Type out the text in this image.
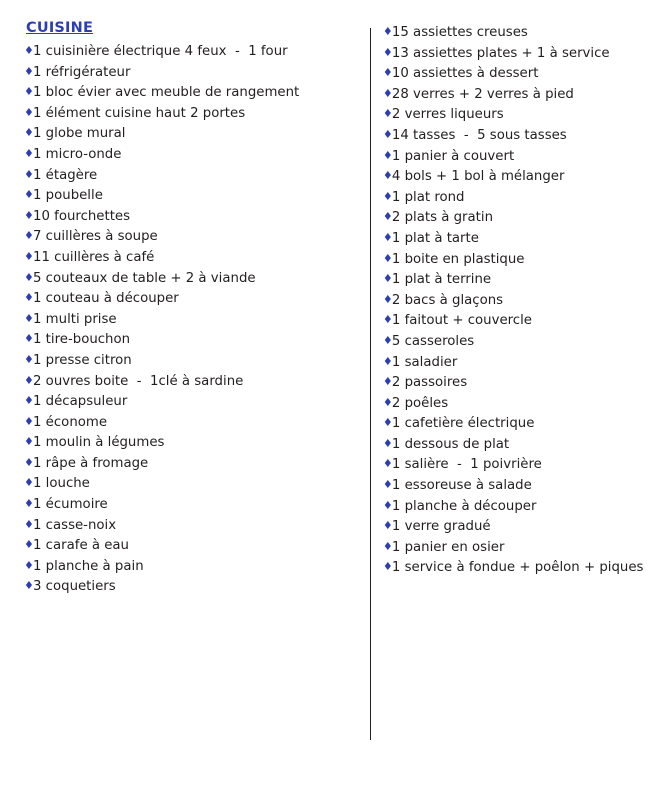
CUISINE
♦ 1 cuisinière électrique 4 feux  -  1 four
♦ 1 réfrigérateur
♦ 1 bloc évier avec meuble de rangement
♦ 1 élément cuisine haut 2 portes
♦ 1 globe mural
♦ 1 micro-onde
♦ 1 étagère
♦ 1 poubelle
♦ 10 fourchettes
♦ 7 cuillères à soupe
♦ 11 cuillères à café
♦ 5 couteaux de table + 2 à viande
♦ 1 couteau à découper
♦ 1 multi prise
♦ 1 tire-bouchon
♦ 1 presse citron
♦ 2 ouvres boite  -  1clé à sardine
♦ 1 décapsuleur
♦ 1 économe
♦ 1 moulin à légumes
♦ 1 râpe à fromage
♦ 1 louche
♦ 1 écumoire
♦ 1 casse-noix
♦ 1 carafe à eau
♦ 1 planche à pain
♦ 3 coquetiers
♦ 15 assiettes creuses
♦ 13 assiettes plates + 1 à service
♦ 10 assiettes à dessert
♦ 28 verres + 2 verres à pied
♦ 2 verres liqueurs
♦ 14 tasses  -  5 sous tasses
♦ 1 panier à couvert
♦ 4 bols + 1 bol à mélanger
♦ 1 plat rond
♦ 2 plats à gratin
♦ 1 plat à tarte
♦ 1 boite en plastique
♦ 1 plat à terrine
♦ 2 bacs à glaçons
♦ 1 faitout + couvercle
♦ 5 casseroles
♦ 1 saladier
♦ 2 passoires
♦ 2 poêles
♦ 1 cafetière électrique
♦ 1 dessous de plat
♦ 1 salière  -  1 poivrière
♦ 1 essoreuse à salade
♦ 1 planche à découper
♦ 1 verre gradué
♦ 1 panier en osier
♦ 1 service à fondue + poêlon + piques
